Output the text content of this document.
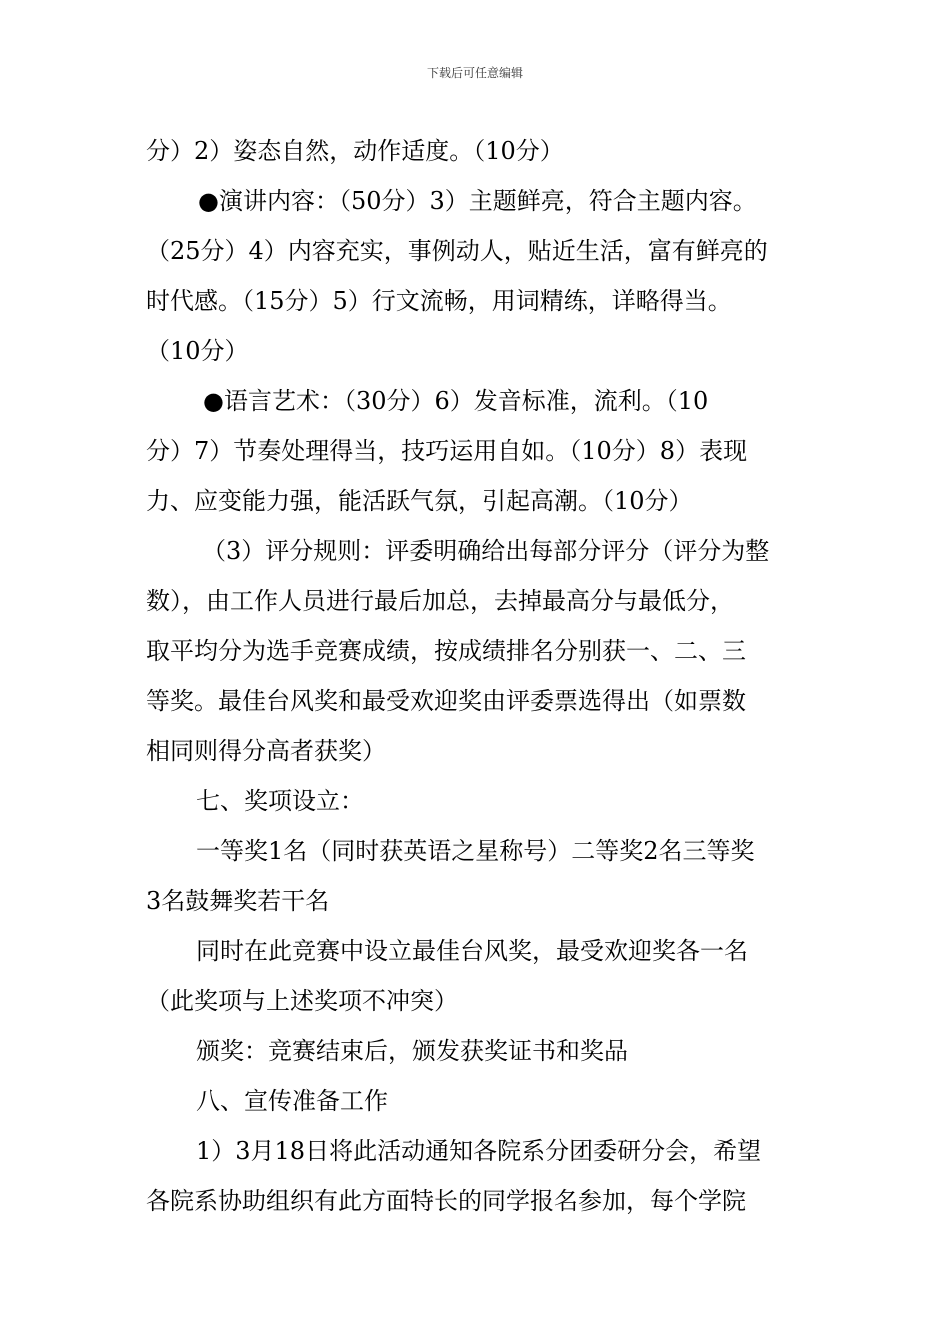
下载后可任意编辑
分）2）姿态自然，动作适度。（10分）
●演讲内容：（50分）3）主题鲜亮，符合主题内容。
（25分）4）内容充实，事例动人，贴近生活，富有鲜亮的
时代感。（15分）5）行文流畅，用词精练，详略得当。
（10分）
●语言艺术：（30分）6）发音标准，流利。（10
分）7）节奏处理得当，技巧运用自如。（10分）8）表现
力、应变能力强，能活跃气氛，引起高潮。（10分）
（3）评分规则：评委明确给出每部分评分（评分为整
数），由工作人员进行最后加总，去掉最高分与最低分，
取平均分为选手竞赛成绩，按成绩排名分别获一、二、三
等奖。最佳台风奖和最受欢迎奖由评委票选得出（如票数
相同则得分高者获奖）
七、奖项设立：
一等奖1名（同时获英语之星称号）二等奖2名三等奖
3名鼓舞奖若干名
同时在此竞赛中设立最佳台风奖，最受欢迎奖各一名
（此奖项与上述奖项不冲突）
颁奖：竞赛结束后，颁发获奖证书和奖品
八、宣传准备工作
1）3月18日将此活动通知各院系分团委研分会，希望
各院系协助组织有此方面特长的同学报名参加，每个学院
